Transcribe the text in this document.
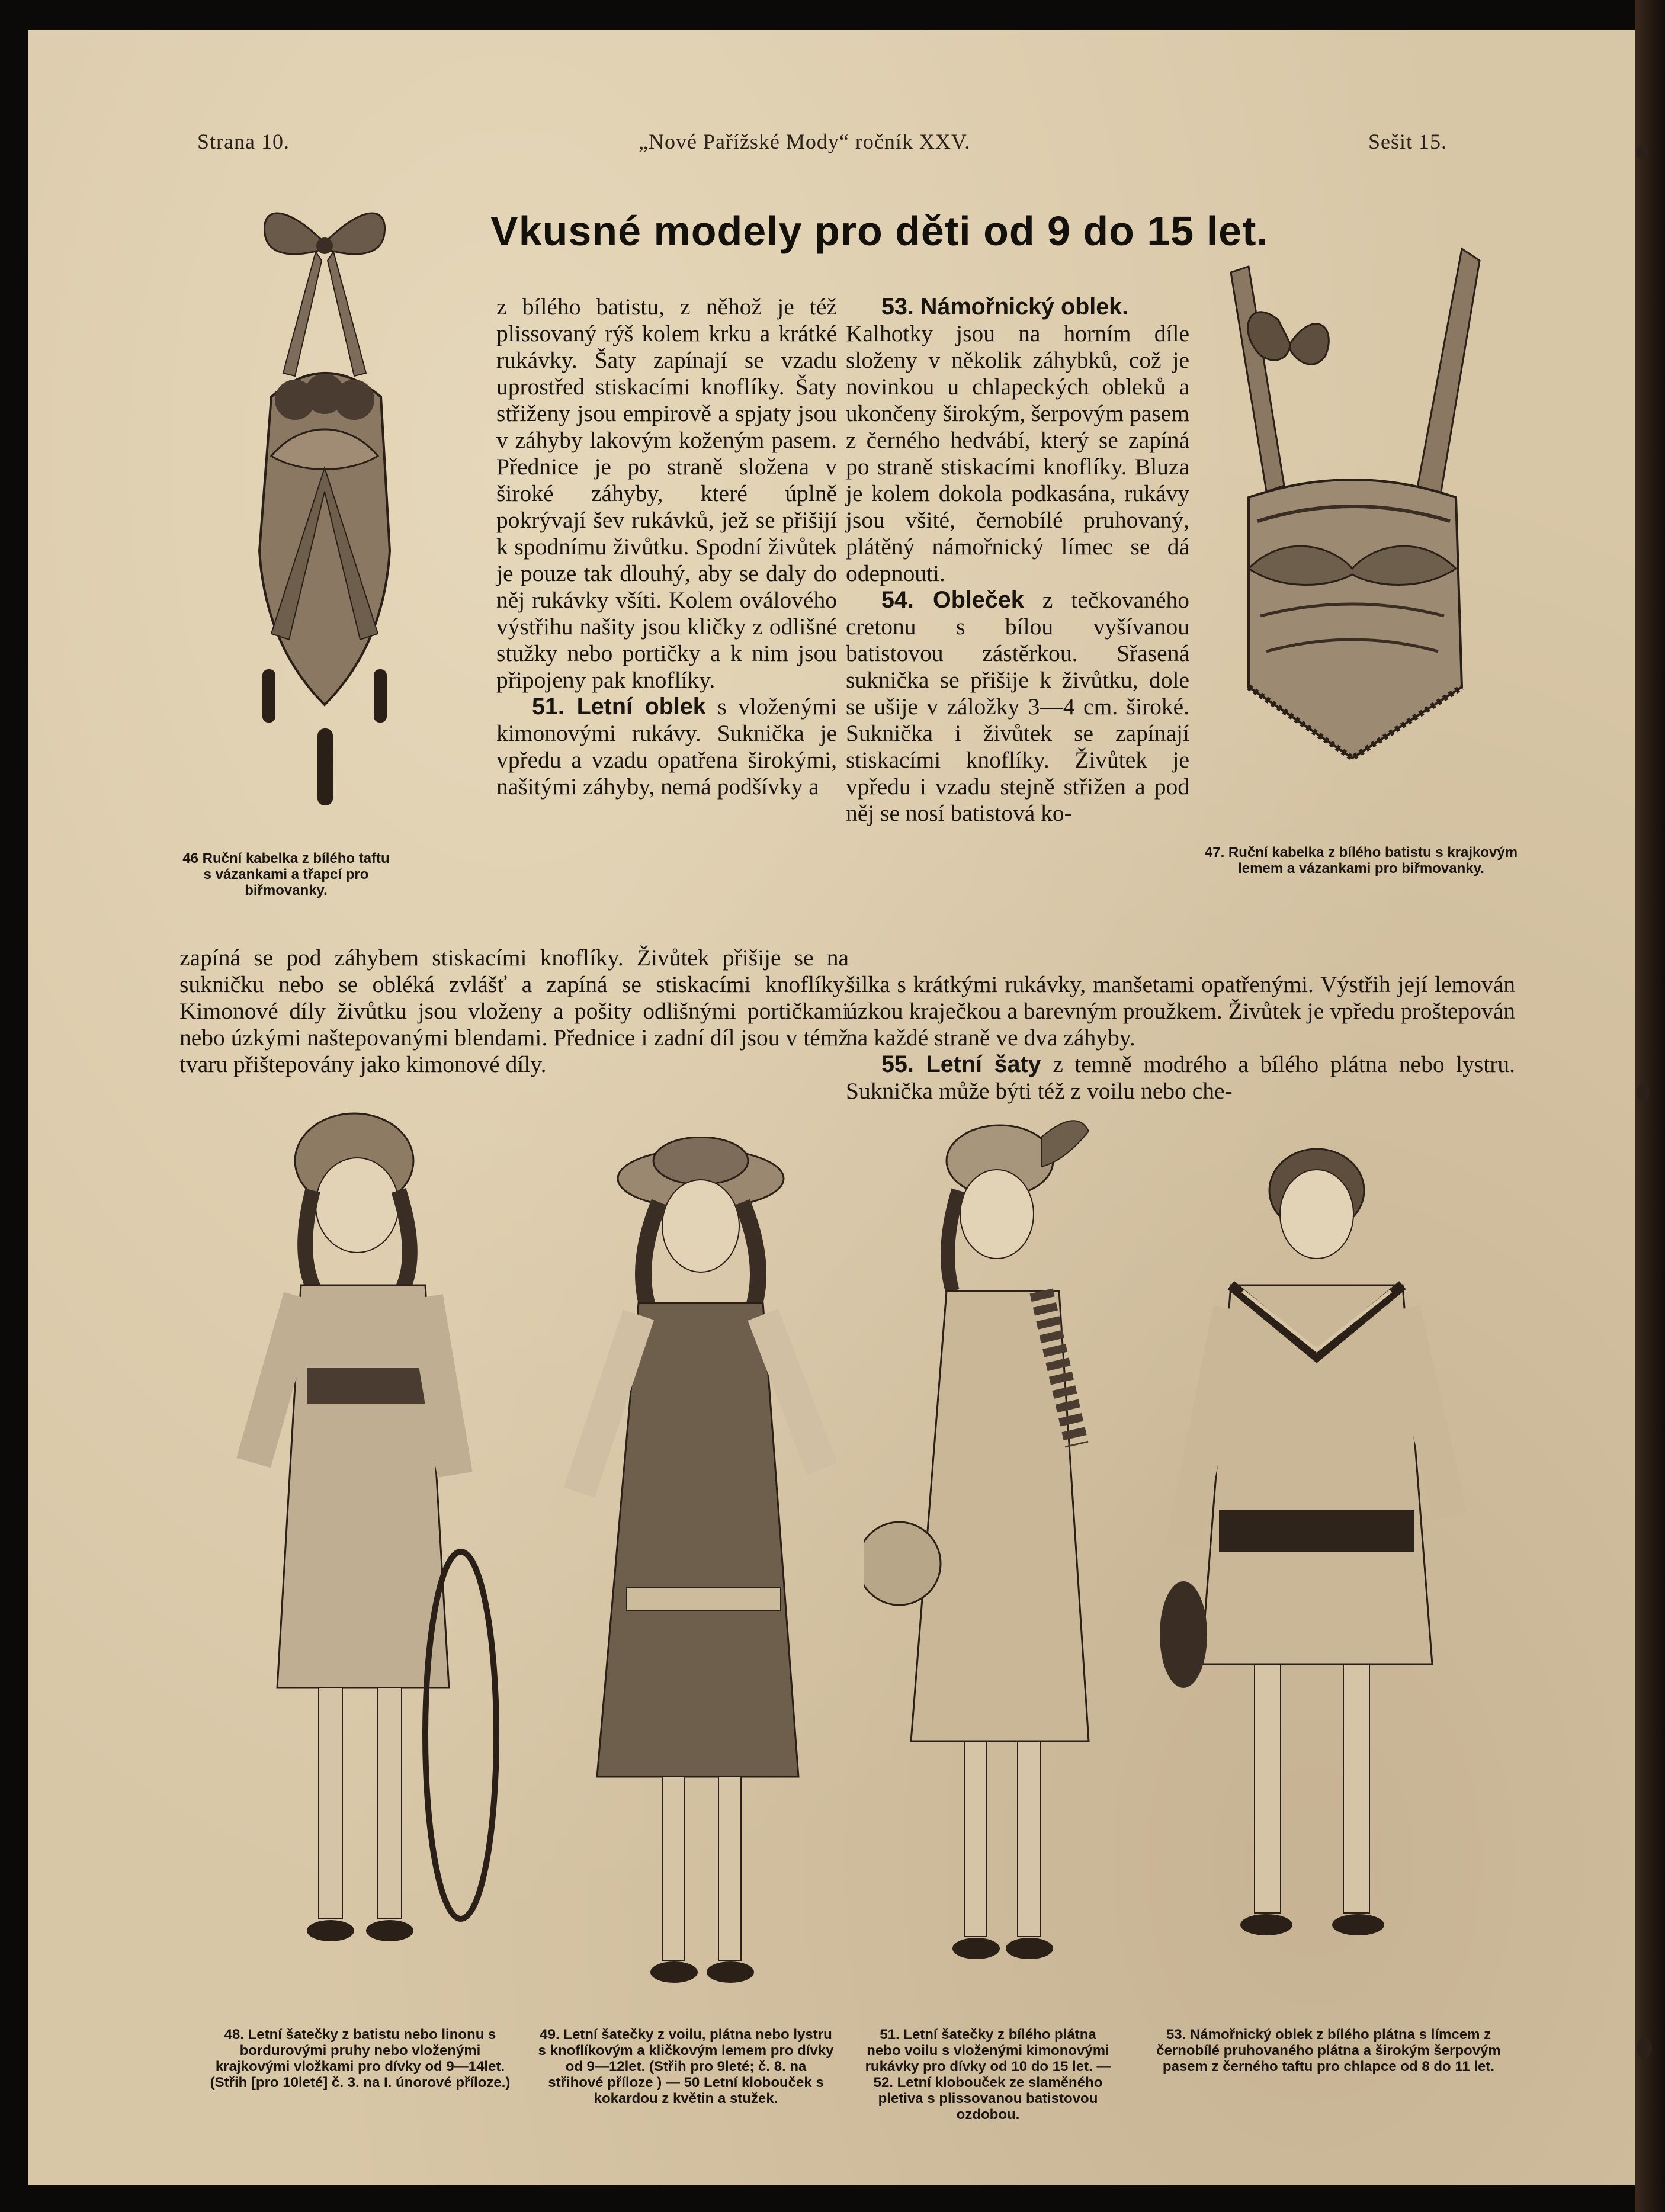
Strana 10.	„Nové Pařížské Mody“ ročník XXV.	Sešit 15.
Vkusné modely pro děti od 9 do 15 let.

z bílého batistu, z něhož je též plissovaný rýš kolem krku a krátké rukávky. Šaty zapínají se vzadu uprostřed stiskacími knoflíky. Šaty střiženy jsou empirově a spjaty jsou v záhyby lakovým koženým pasem. Přednice je po straně složena v široké záhyby, které úplně pokrývají šev rukávků, jež se přišijí k spodnímu živůtku. Spodní živůtek je pouze tak dlouhý, aby se daly do něj rukávky všíti. Kolem oválového výstřihu našity jsou kličky z odlišné stužky nebo portičky a k nim jsou připojeny pak knoflíky.

51. Letní oblek s vloženými kimonovými rukávy. Suknička je vpředu a vzadu opatřena širokými, našitými záhyby, nemá podšívky a

53. Námořnický oblek.

Kalhotky jsou na horním díle složeny v několik záhybků, což je novinkou u chlapeckých obleků a ukončeny širokým, šerpovým pasem z černého hedvábí, který se zapíná po straně stiskacími knoflíky. Bluza je kolem dokola podkasána, rukávy jsou všité, černobílé pruhovaný, plátěný námořnický límec se dá odepnouti.

54. Obleček z tečkovaného cretonu s bílou vyšívanou batistovou zástěrkou. Sřasená suknička se přišije k živůtku, dole se ušije v záložky 3—4 cm. široké. Suknička i živůtek se zapínají stiskacími knoflíky. Živůtek je vpředu i vzadu stejně střižen a pod něj se nosí batistová ko-

zapíná se pod záhybem stiskacími knoflíky. Živůtek přišije se na sukničku nebo se obléká zvlášť a zapíná se stiskacími knoflíky. Kimonové díly živůtku jsou vloženy a pošity odlišnými portičkami nebo úzkými naštepovanými blendami. Přednice i zadní díl jsou v témž tvaru přištepovány jako kimonové díly.

šilka s krátkými rukávky, manšetami opatřenými. Výstřih její lemován úzkou kraječkou a barevným proužkem. Živůtek je vpředu proštepován na každé straně ve dva záhyby.

55. Letní šaty z temně modrého a bílého plátna nebo lystru. Suknička může býti též z voilu nebo che-

46 Ruční kabelka z bílého taftu s vázankami a třapcí pro biřmovanky.
47. Ruční kabelka z bílého batistu s krajkovým lemem a vázankami pro biřmovanky.
48. Letní šatečky z batistu nebo linonu s bordurovými pruhy nebo vloženými krajkovými vložkami pro dívky od 9—14let. (Střih [pro 10leté] č. 3. na I. únorové příloze.)
49. Letní šatečky z voilu, plátna nebo lystru s knoflíkovým a kličkovým lemem pro dívky od 9—12let. (Střih pro 9leté; č. 8. na střihové příloze ) — 50 Letní klobouček s kokardou z květin a stužek.
51. Letní šatečky z bílého plátna nebo voilu s vloženými kimonovými rukávky pro dívky od 10 do 15 let. — 52. Letní klobouček ze slaměného pletiva s plissovanou batistovou ozdobou.
53. Námořnický oblek z bílého plátna s límcem z černobílé pruhovaného plátna a širokým šerpovým pasem z černého taftu pro chlapce od 8 do 11 let.
